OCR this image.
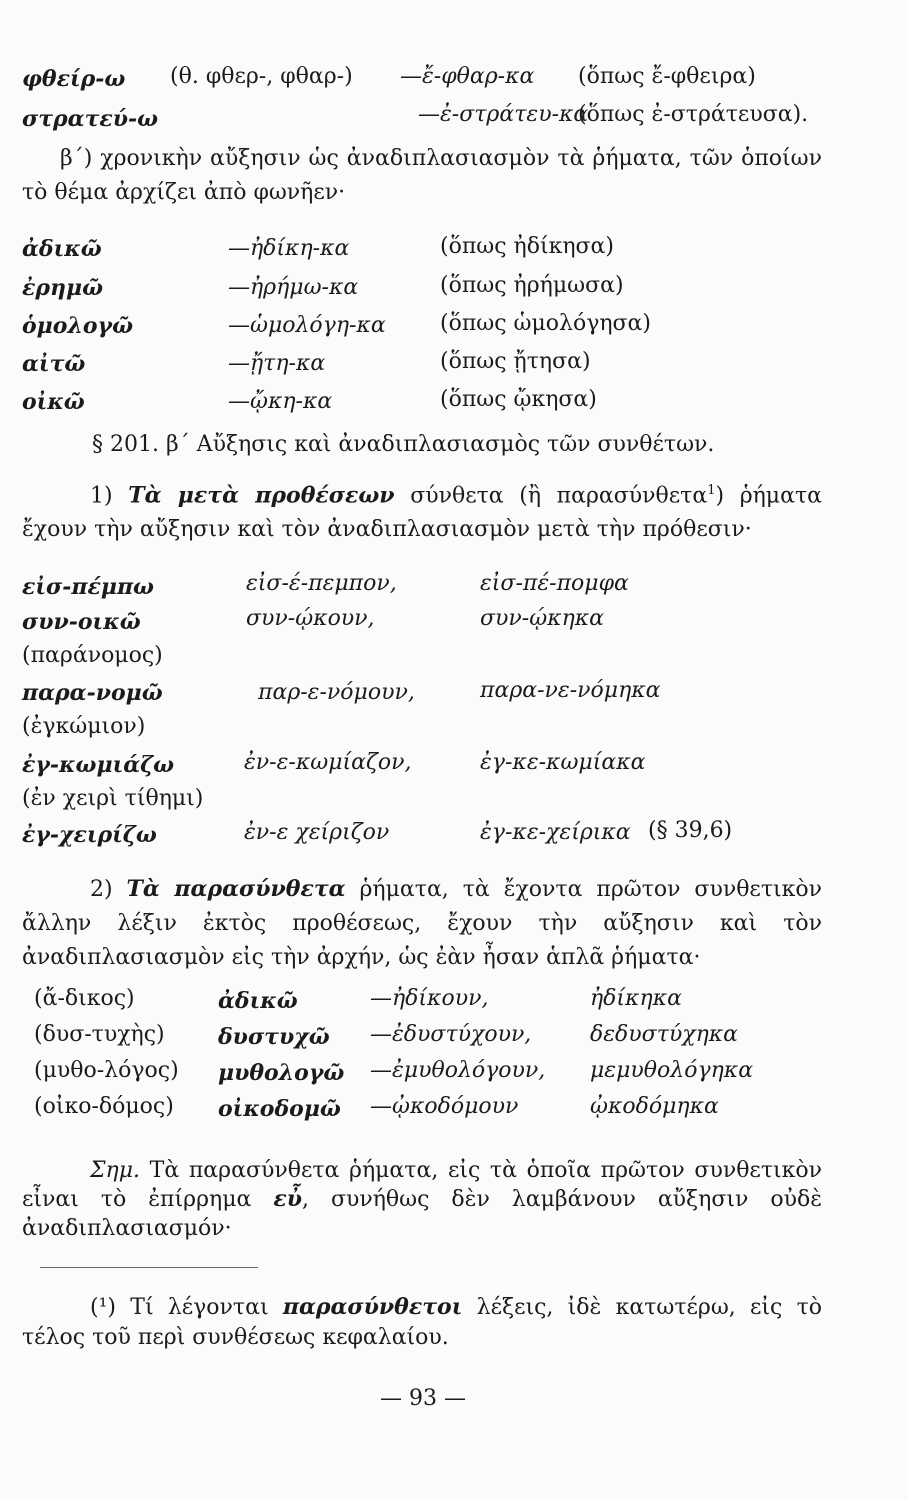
φθείρ-ω (θ. φθερ-, φθαρ-) —ἔ-φθαρ-κα (ὅπως ἔ-φθειρα)
στρατεύ-ω	—ἐ-στράτευ-κα
(ὅπως ἐ-στράτευσα).
β΄) χρονικὴν αὔξησιν ὡς ἀναδιπλασιασμὸν τὰ ῥήματα, τῶν ὁποίων τὸ θέμα ἀρχίζει ἀπὸ φωνῆεν·
ἀδικῶ	—ἠδίκη-κα	(ὅπως ἠδίκησα)
ἐρημῶ	—ἠρήμω-κα	(ὅπως ἠρήμωσα)
ὁμολογῶ	—ὡμολόγη-κα (ὅπως ὡμολόγησα)
αἰτῶ	—ᾔτη-κα	(ὅπως ᾔτησα)
οἰκῶ	—ᾤκη-κα	(ὅπως ᾤκησα)
§ 201. β΄ Αὔξησις καὶ ἀναδιπλασιασμὸς τῶν συνθέτων.
1) Τὰ μετὰ προθέσεων σύνθετα (ἢ παρασύνθετα$^1$) ῥήματα ἔχουν τὴν αὔξησιν καὶ τὸν ἀναδιπλασιασμὸν μετὰ τὴν πρόθεσιν·
εἰσ-πέμπω	εἰσ-έ-πεμπον,	εἰσ-πέ-πομφα
συν-οικῶ	συν-ῴκουν,	συν-ῴκηκα
(παράνομος)
παρα-νομῶ	παρ-ε-νόμουν,	παρα-νε-νόμηκα
(ἐγκώμιον)
ἐγ-κωμιάζω	ἐν-ε-κωμίαζον,	ἐγ-κε-κωμίακα
(ἐν χειρὶ τίθημι)
ἐγ-χειρίζω	ἐν-ε χείριζον	ἐγ-κε-χείρικα (§ 39,6)
2) Τὰ παρασύνθετα ῥήματα, τὰ ἔχοντα πρῶτον συνθετικὸν ἄλλην λέξιν ἐκτὸς προθέσεως, ἔχουν τὴν αὔξησιν καὶ τὸν ἀναδιπλασιασμὸν εἰς τὴν ἀρχήν, ὡς ἐὰν ἦσαν ἁπλᾶ ῥήματα·
(ἄ-δικος)	ἀδικῶ	—ἠδίκουν,	ἠδίκηκα
(δυσ-τυχὴς) δυστυχῶ —ἐδυστύχουν,	δεδυστύχηκα
(μυθο-λόγος) μυθολογῶ —ἐμυθολόγουν, μεμυθολόγηκα
(οἰκο-δόμος) οἰκοδομῶ —ᾠκοδόμουν	ᾠκοδόμηκα
Σημ. Τὰ παρασύνθετα ῥήματα, εἰς τὰ ὁποῖα πρῶτον συνθετικὸν εἶναι τὸ ἐπίρρημα εὖ, συνήθως δὲν λαμβάνουν αὔξησιν οὐδὲ ἀναδιπλασιασμόν·
(¹) Τί λέγονται παρασύνθετοι λέξεις, ἰδὲ κατωτέρω, εἰς τὸ τέλος τοῦ περὶ συνθέσεως κεφαλαίου.
— 93 —
